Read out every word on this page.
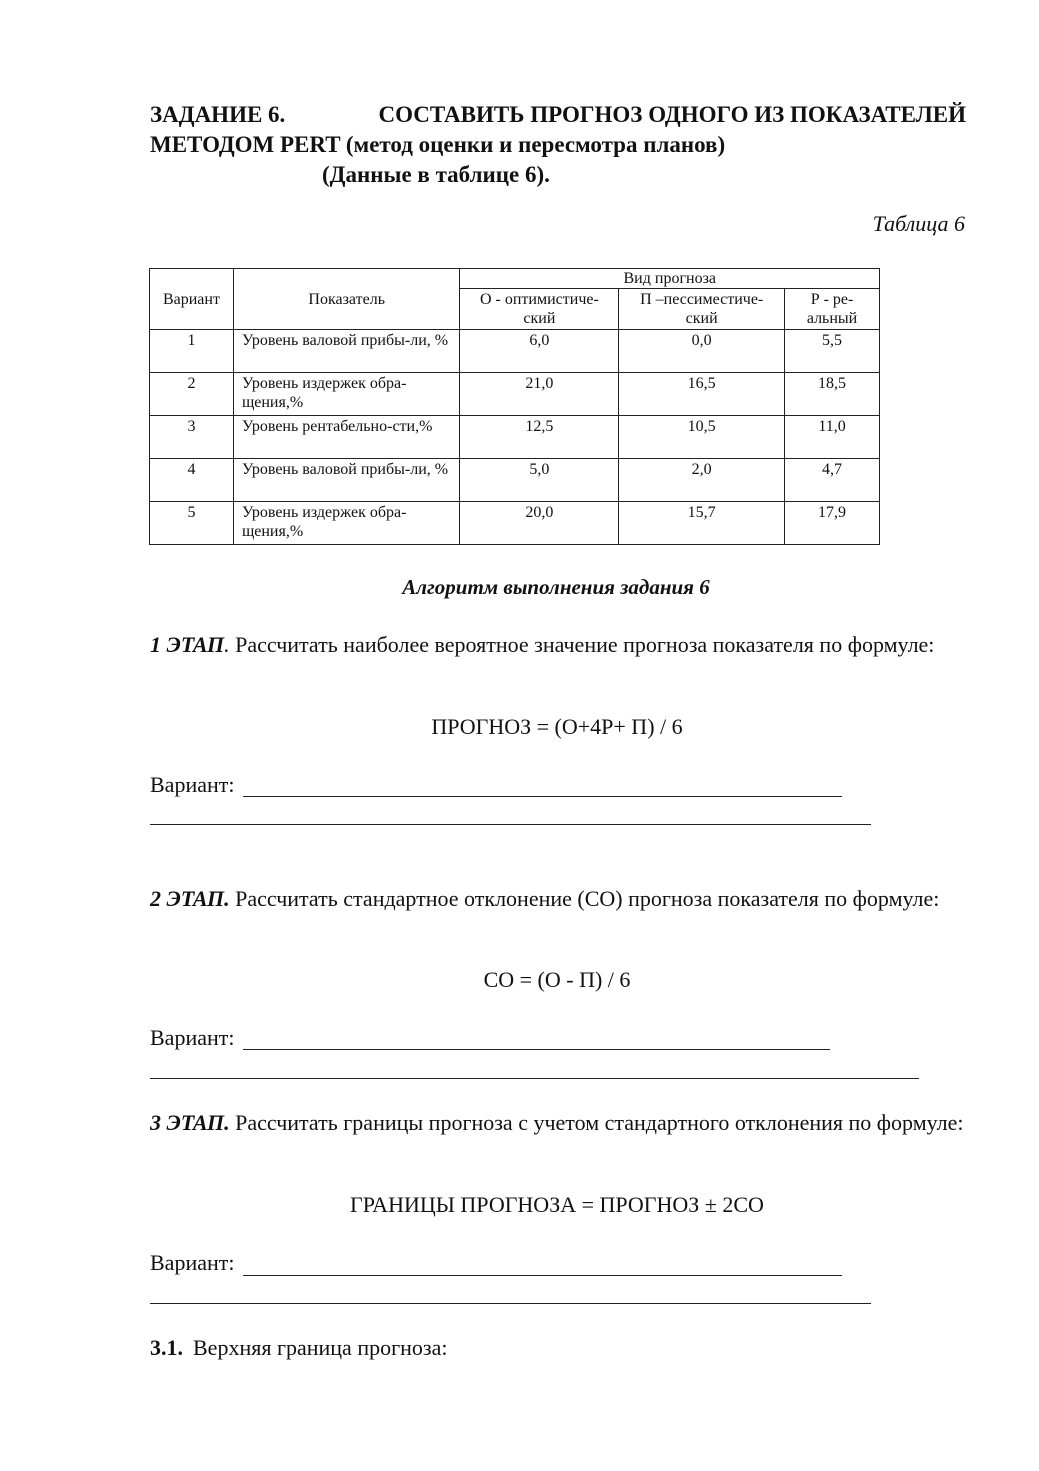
ЗАДАНИЕ 6.	СОСТАВИТЬ ПРОГНОЗ ОДНОГО ИЗ ПОКАЗАТЕЛЕЙ
МЕТОДОМ PERT (метод оценки и пересмотра планов)
(Данные в таблице 6).
Таблица 6
Вариант	Показатель	Вид прогноза		
		О - оптимистиче-ский	П –пессиместиче-ский	Р - ре-альный
1	Уровень валовой прибы-ли, %	6,0	0,0	5,5
2	Уровень издержек обра-щения,%	21,0	16,5	18,5
3	Уровень рентабельно-сти,%	12,5	10,5	11,0
4	Уровень валовой прибы-ли, %	5,0	2,0	4,7
5	Уровень издержек обра-щения,%	20,0	15,7	17,9
Алгоритм выполнения задания 6
1 ЭТАП. Рассчитать наиболее вероятное значение прогноза показателя по формуле:
ПРОГНОЗ = (О+4Р+ П) / 6
Вариант:
2 ЭТАП. Рассчитать стандартное отклонение (СО) прогноза показателя по формуле:
СО = (О - П) / 6
Вариант:
3 ЭТАП. Рассчитать границы прогноза с учетом стандартного отклонения по формуле:
ГРАНИЦЫ ПРОГНОЗА = ПРОГНОЗ ± 2СО
Вариант:
3.1. Верхняя граница прогноза:
